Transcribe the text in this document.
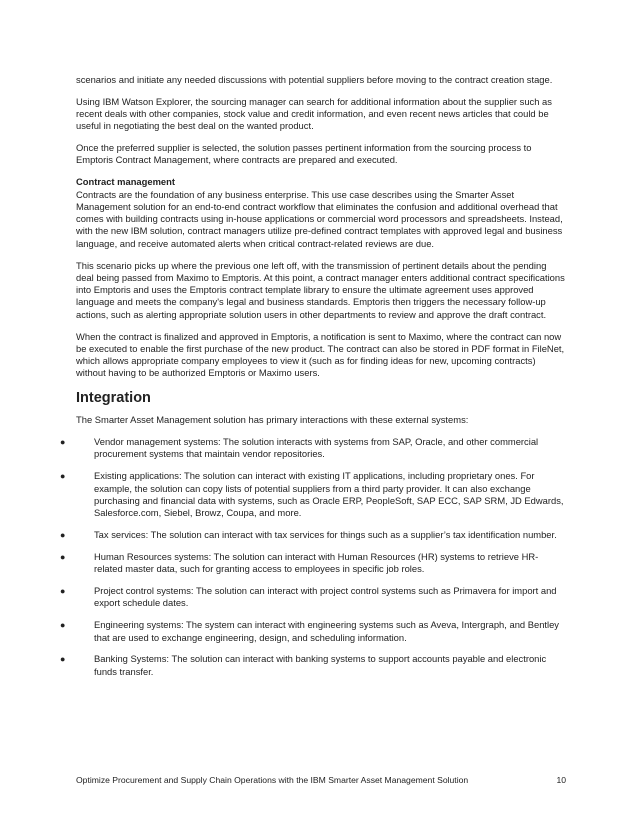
scenarios and initiate any needed discussions with potential suppliers before moving to the contract creation stage.

Using IBM Watson Explorer, the sourcing manager can search for additional information about the supplier such as recent deals with other companies, stock value and credit information, and even recent news articles that could be useful in negotiating the best deal on the wanted product.

Once the preferred supplier is selected, the solution passes pertinent information from the sourcing process to Emptoris Contract Management, where contracts are prepared and executed.

Contract management
Contracts are the foundation of any business enterprise. This use case describes using the Smarter Asset Management solution for an end-to-end contract workflow that eliminates the confusion and additional overhead that comes with building contracts using in-house applications or commercial word processors and spreadsheets. Instead, with the new IBM solution, contract managers utilize pre-defined contract templates with approved legal and business language, and receive automated alerts when critical contract-related reviews are due.

This scenario picks up where the previous one left off, with the transmission of pertinent details about the pending deal being passed from Maximo to Emptoris. At this point, a contract manager enters additional contract specifications into Emptoris and uses the Emptoris contract template library to ensure the ultimate agreement uses approved language and meets the company's legal and business standards. Emptoris then triggers the necessary follow-up actions, such as alerting appropriate solution users in other departments to review and approve the draft contract.

When the contract is finalized and approved in Emptoris, a notification is sent to Maximo, where the contract can now be executed to enable the first purchase of the new product. The contract can also be stored in PDF format in FileNet, which allows appropriate company employees to view it (such as for finding ideas for new, upcoming contracts) without having to be authorized Emptoris or Maximo users.

Integration

The Smarter Asset Management solution has primary interactions with these external systems:

●	Vendor management systems: The solution interacts with systems from SAP, Oracle, and other commercial procurement systems that maintain vendor repositories.
●	Existing applications: The solution can interact with existing IT applications, including proprietary ones. For example, the solution can copy lists of potential suppliers from a third party provider. It can also exchange purchasing and financial data with systems, such as Oracle ERP, PeopleSoft, SAP ECC, SAP SRM, JD Edwards, Salesforce.com, Siebel, Browz, Coupa, and more.
●	Tax services: The solution can interact with tax services for things such as a supplier’s tax identification number.
●	Human Resources systems: The solution can interact with Human Resources (HR) systems to retrieve HR-related master data, such for granting access to employees in specific job roles.
●	Project control systems: The solution can interact with project control systems such as Primavera for import and export schedule dates.
●	Engineering systems: The system can interact with engineering systems such as Aveva, Intergraph, and Bentley that are used to exchange engineering, design, and scheduling information.
●	Banking Systems: The solution can interact with banking systems to support accounts payable and electronic funds transfer.
Optimize Procurement and Supply Chain Operations with the IBM Smarter Asset Management Solution	10
